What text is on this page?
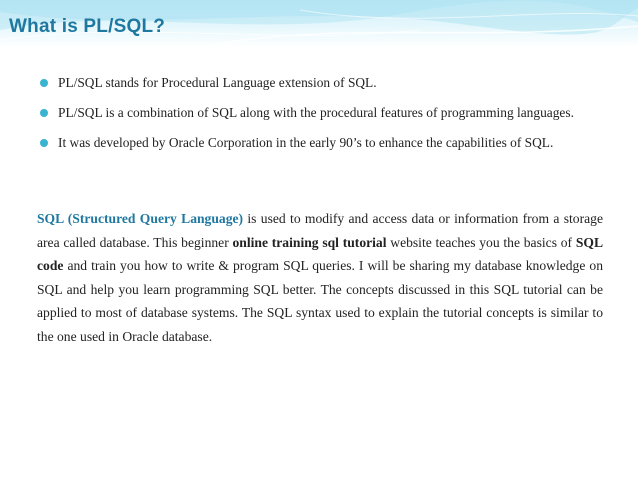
What is PL/SQL?
PL/SQL stands for Procedural Language extension of SQL.
PL/SQL is a combination of SQL along with the procedural features of programming languages.
It was developed by Oracle Corporation in the early 90’s to enhance the capabilities of SQL.

SQL (Structured Query Language) is used to modify and access data or information from a storage area called database. This beginner online training sql tutorial website teaches you the basics of SQL code and train you how to write & program SQL queries. I will be sharing my database knowledge on SQL and help you learn programming SQL better. The concepts discussed in this SQL tutorial can be applied to most of database systems. The SQL syntax used to explain the tutorial concepts is similar to the one used in Oracle database.
